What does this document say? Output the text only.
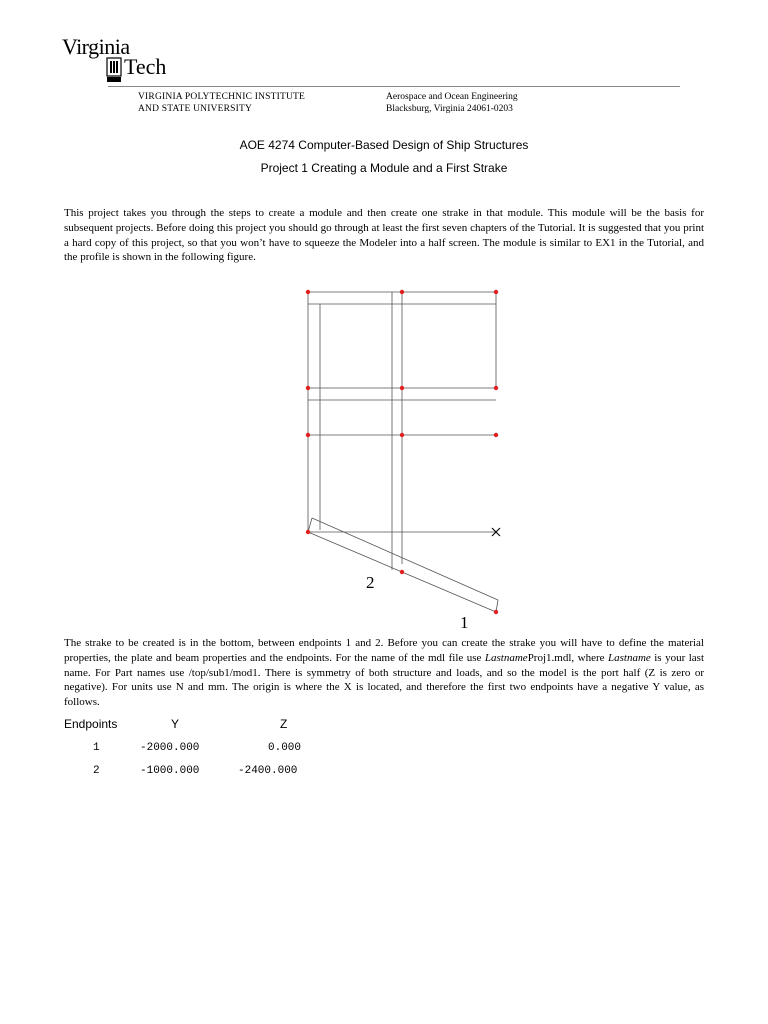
Virginia
Tech
VIRGINIA POLYTECHNIC INSTITUTE
AND STATE UNIVERSITY
Aerospace and Ocean Engineering
Blacksburg, Virginia 24061-0203
AOE 4274 Computer-Based Design of Ship Structures
Project 1 Creating a Module and a First Strake
This project takes you through the steps to create a module and then create one strake in that module. This module will be the basis for subsequent projects. Before doing this project you should go through at least the first seven chapters of the Tutorial. It is suggested that you print a hard copy of this project, so that you won’t have to squeeze the Modeler into a half screen. The module is similar to EX1 in the Tutorial, and the profile is shown in the following figure.
2
1
The strake to be created is in the bottom, between endpoints 1 and 2. Before you can create the strake you will have to define the material properties, the plate and beam properties and the endpoints. For the name of the mdl file use LastnameProj1.mdl, where Lastname is your last name. For Part names use /top/sub1/mod1. There is symmetry of both structure and loads, and so the model is the port half (Z is zero or negative). For units use N and mm. The origin is where the X is located, and therefore the first two endpoints have a negative Y value, as follows.
Endpoints	Y	Z
1	-2000.000	0.000
2	-1000.000	-2400.000
